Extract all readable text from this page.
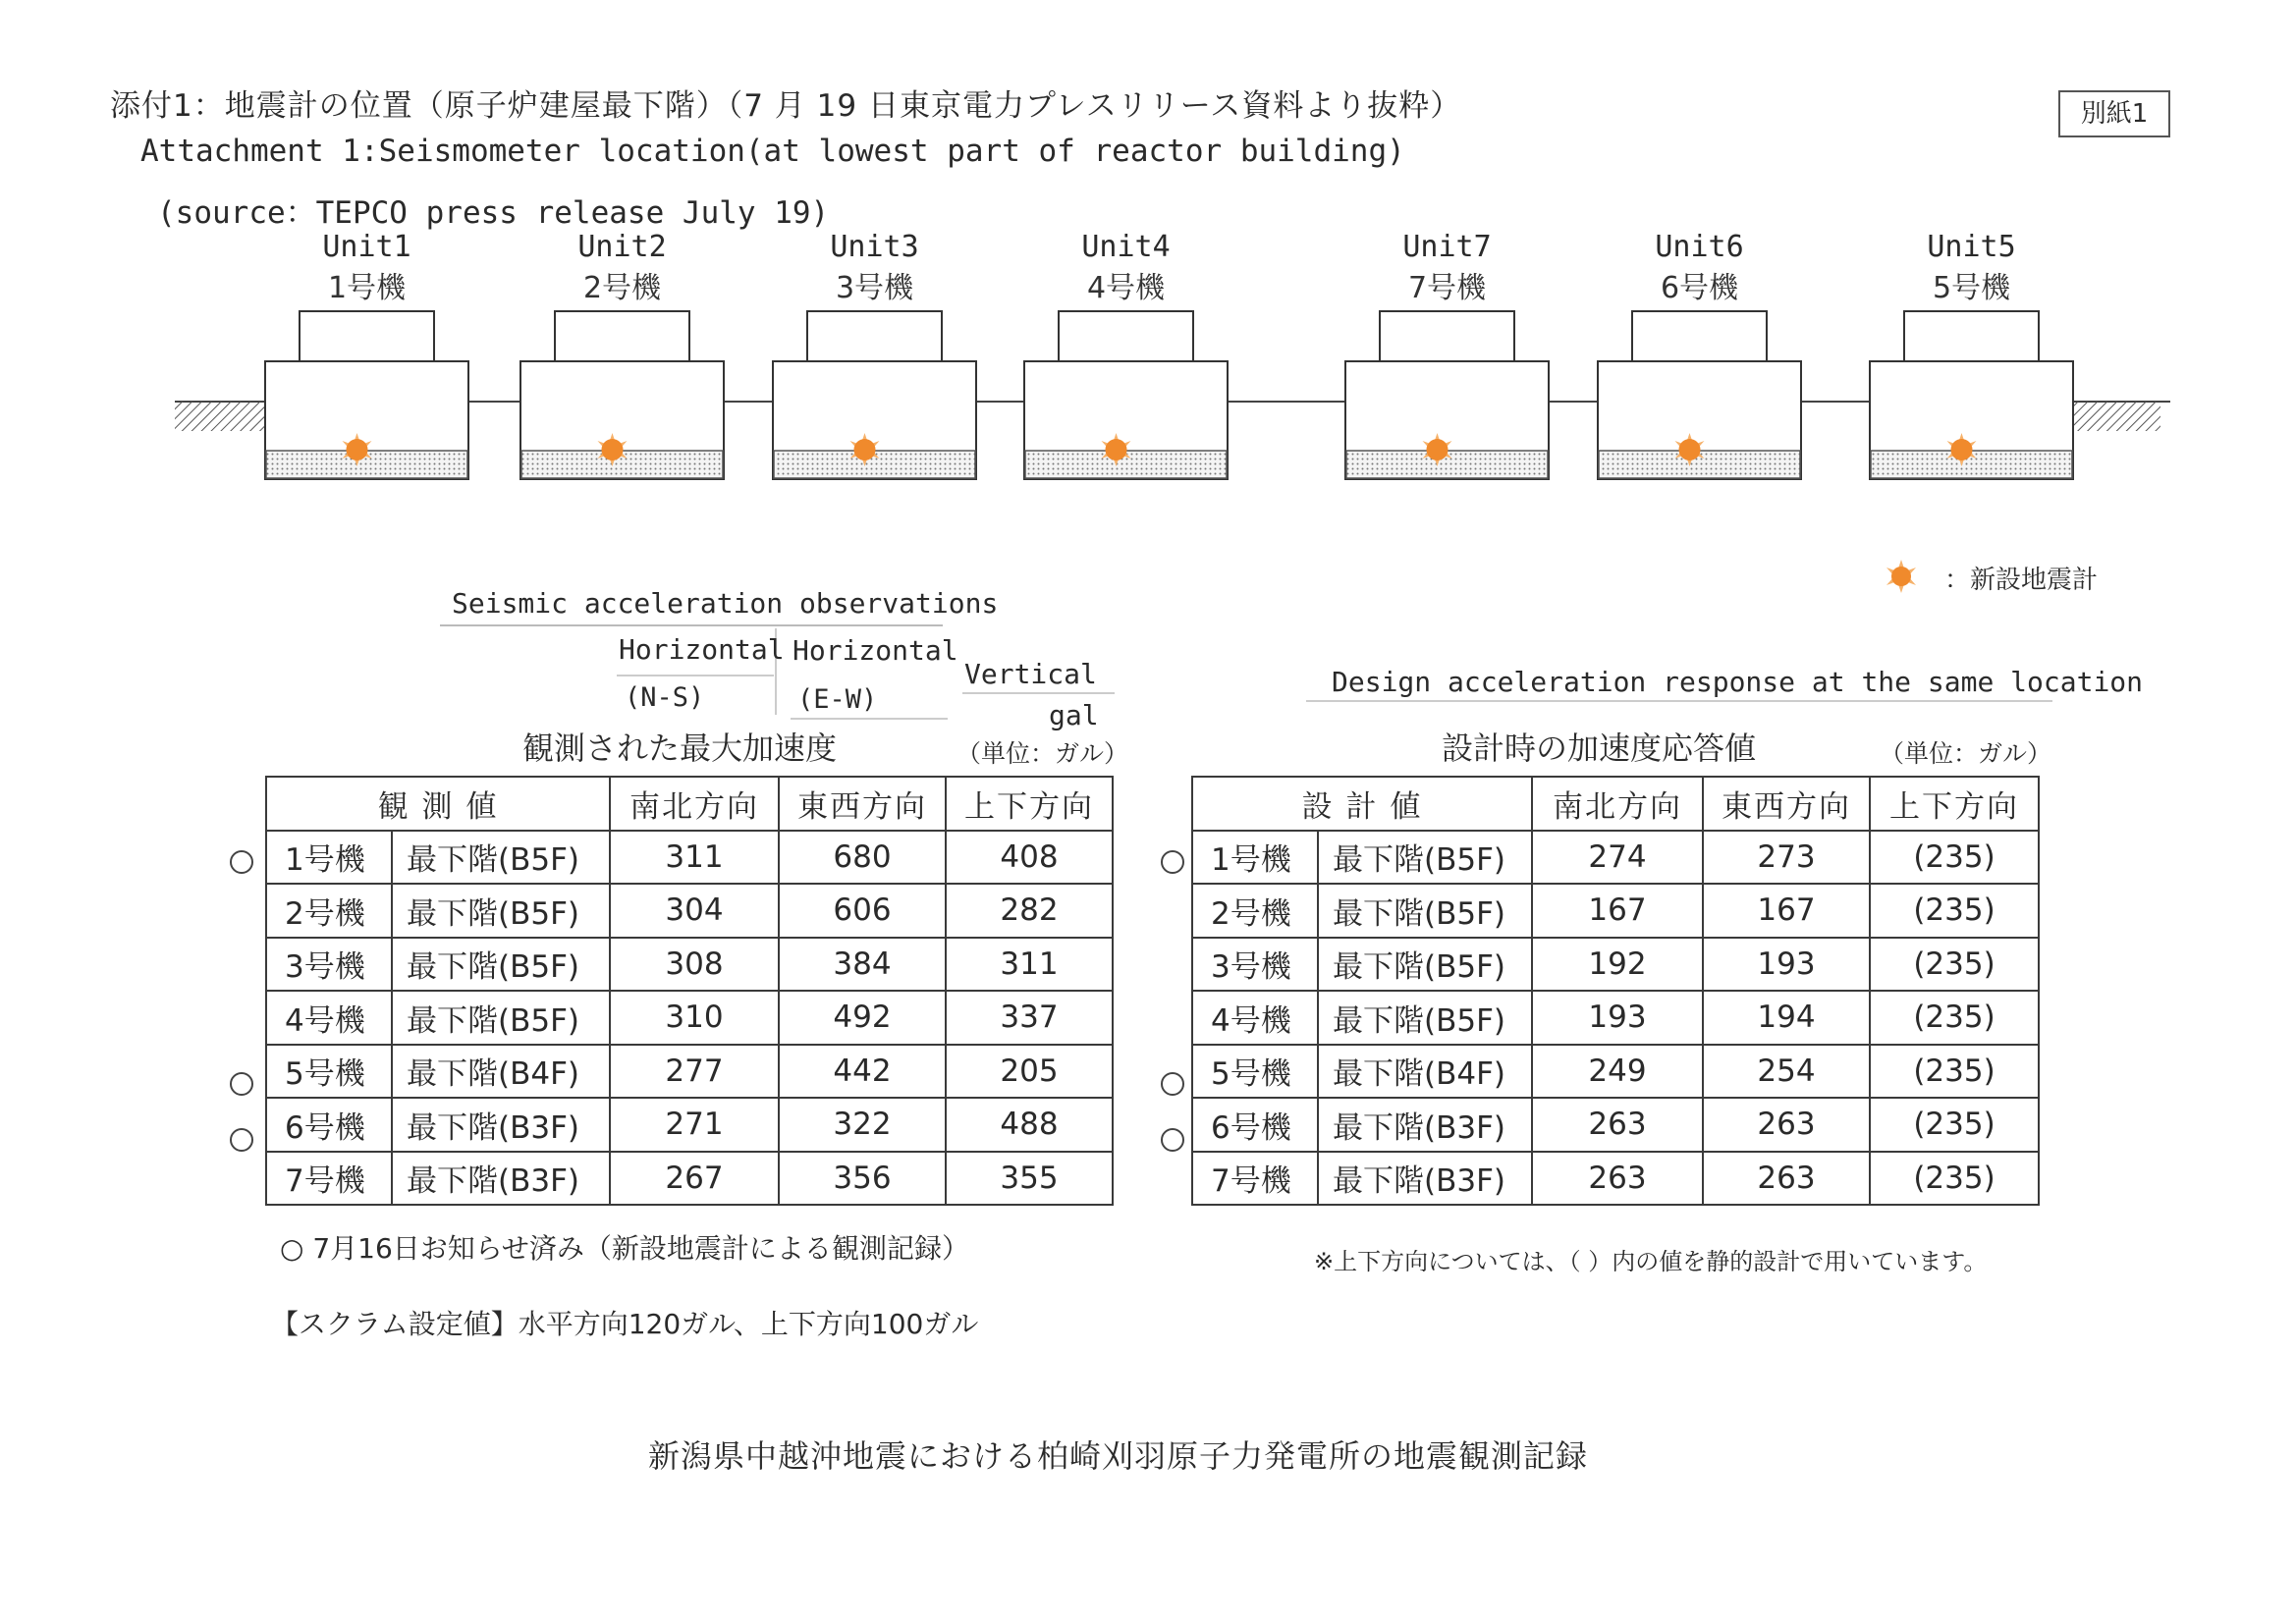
添付1：地震計の位置（原子炉建屋最下階）（7 月 19 日東京電力プレスリリース資料より抜粋）
Attachment 1:Seismometer location(at lowest part of reactor building)
(source：TEPCO press release July 19)
別紙1
Unit1
1号機
Unit2
2号機
Unit3
3号機
Unit4
4号機
Unit7
7号機
Unit6
6号機
Unit5
5号機
：新設地震計
Seismic acceleration observations
Horizontal
(N-S)
Horizontal
(E-W)
Vertical
gal
観測された最大加速度	（単位：ガル）
Design acceleration response at the same location
設計時の加速度応答値	（単位：ガル）
観 測 値		南北方向	東西方向	上下方向
1号機	最下階(B5F)	311	680	408
2号機	最下階(B5F)	304	606	282
3号機	最下階(B5F)	308	384	311
4号機	最下階(B5F)	310	492	337
5号機	最下階(B4F)	277	442	205
6号機	最下階(B3F)	271	322	488
7号機	最下階(B3F)	267	356	355
設 計 値		南北方向	東西方向	上下方向
1号機	最下階(B5F)	274	273	(235)
2号機	最下階(B5F)	167	167	(235)
3号機	最下階(B5F)	192	193	(235)
4号機	最下階(B5F)	193	194	(235)
5号機	最下階(B4F)	249	254	(235)
6号機	最下階(B3F)	263	263	(235)
7号機	最下階(B3F)	263	263	(235)
○ 7月16日お知らせ済み（新設地震計による観測記録）	※上下方向については、（ ）内の値を静的設計で用いています。
【スクラム設定値】水平方向120ガル、上下方向100ガル
新潟県中越沖地震における柏崎刈羽原子力発電所の地震観測記録
